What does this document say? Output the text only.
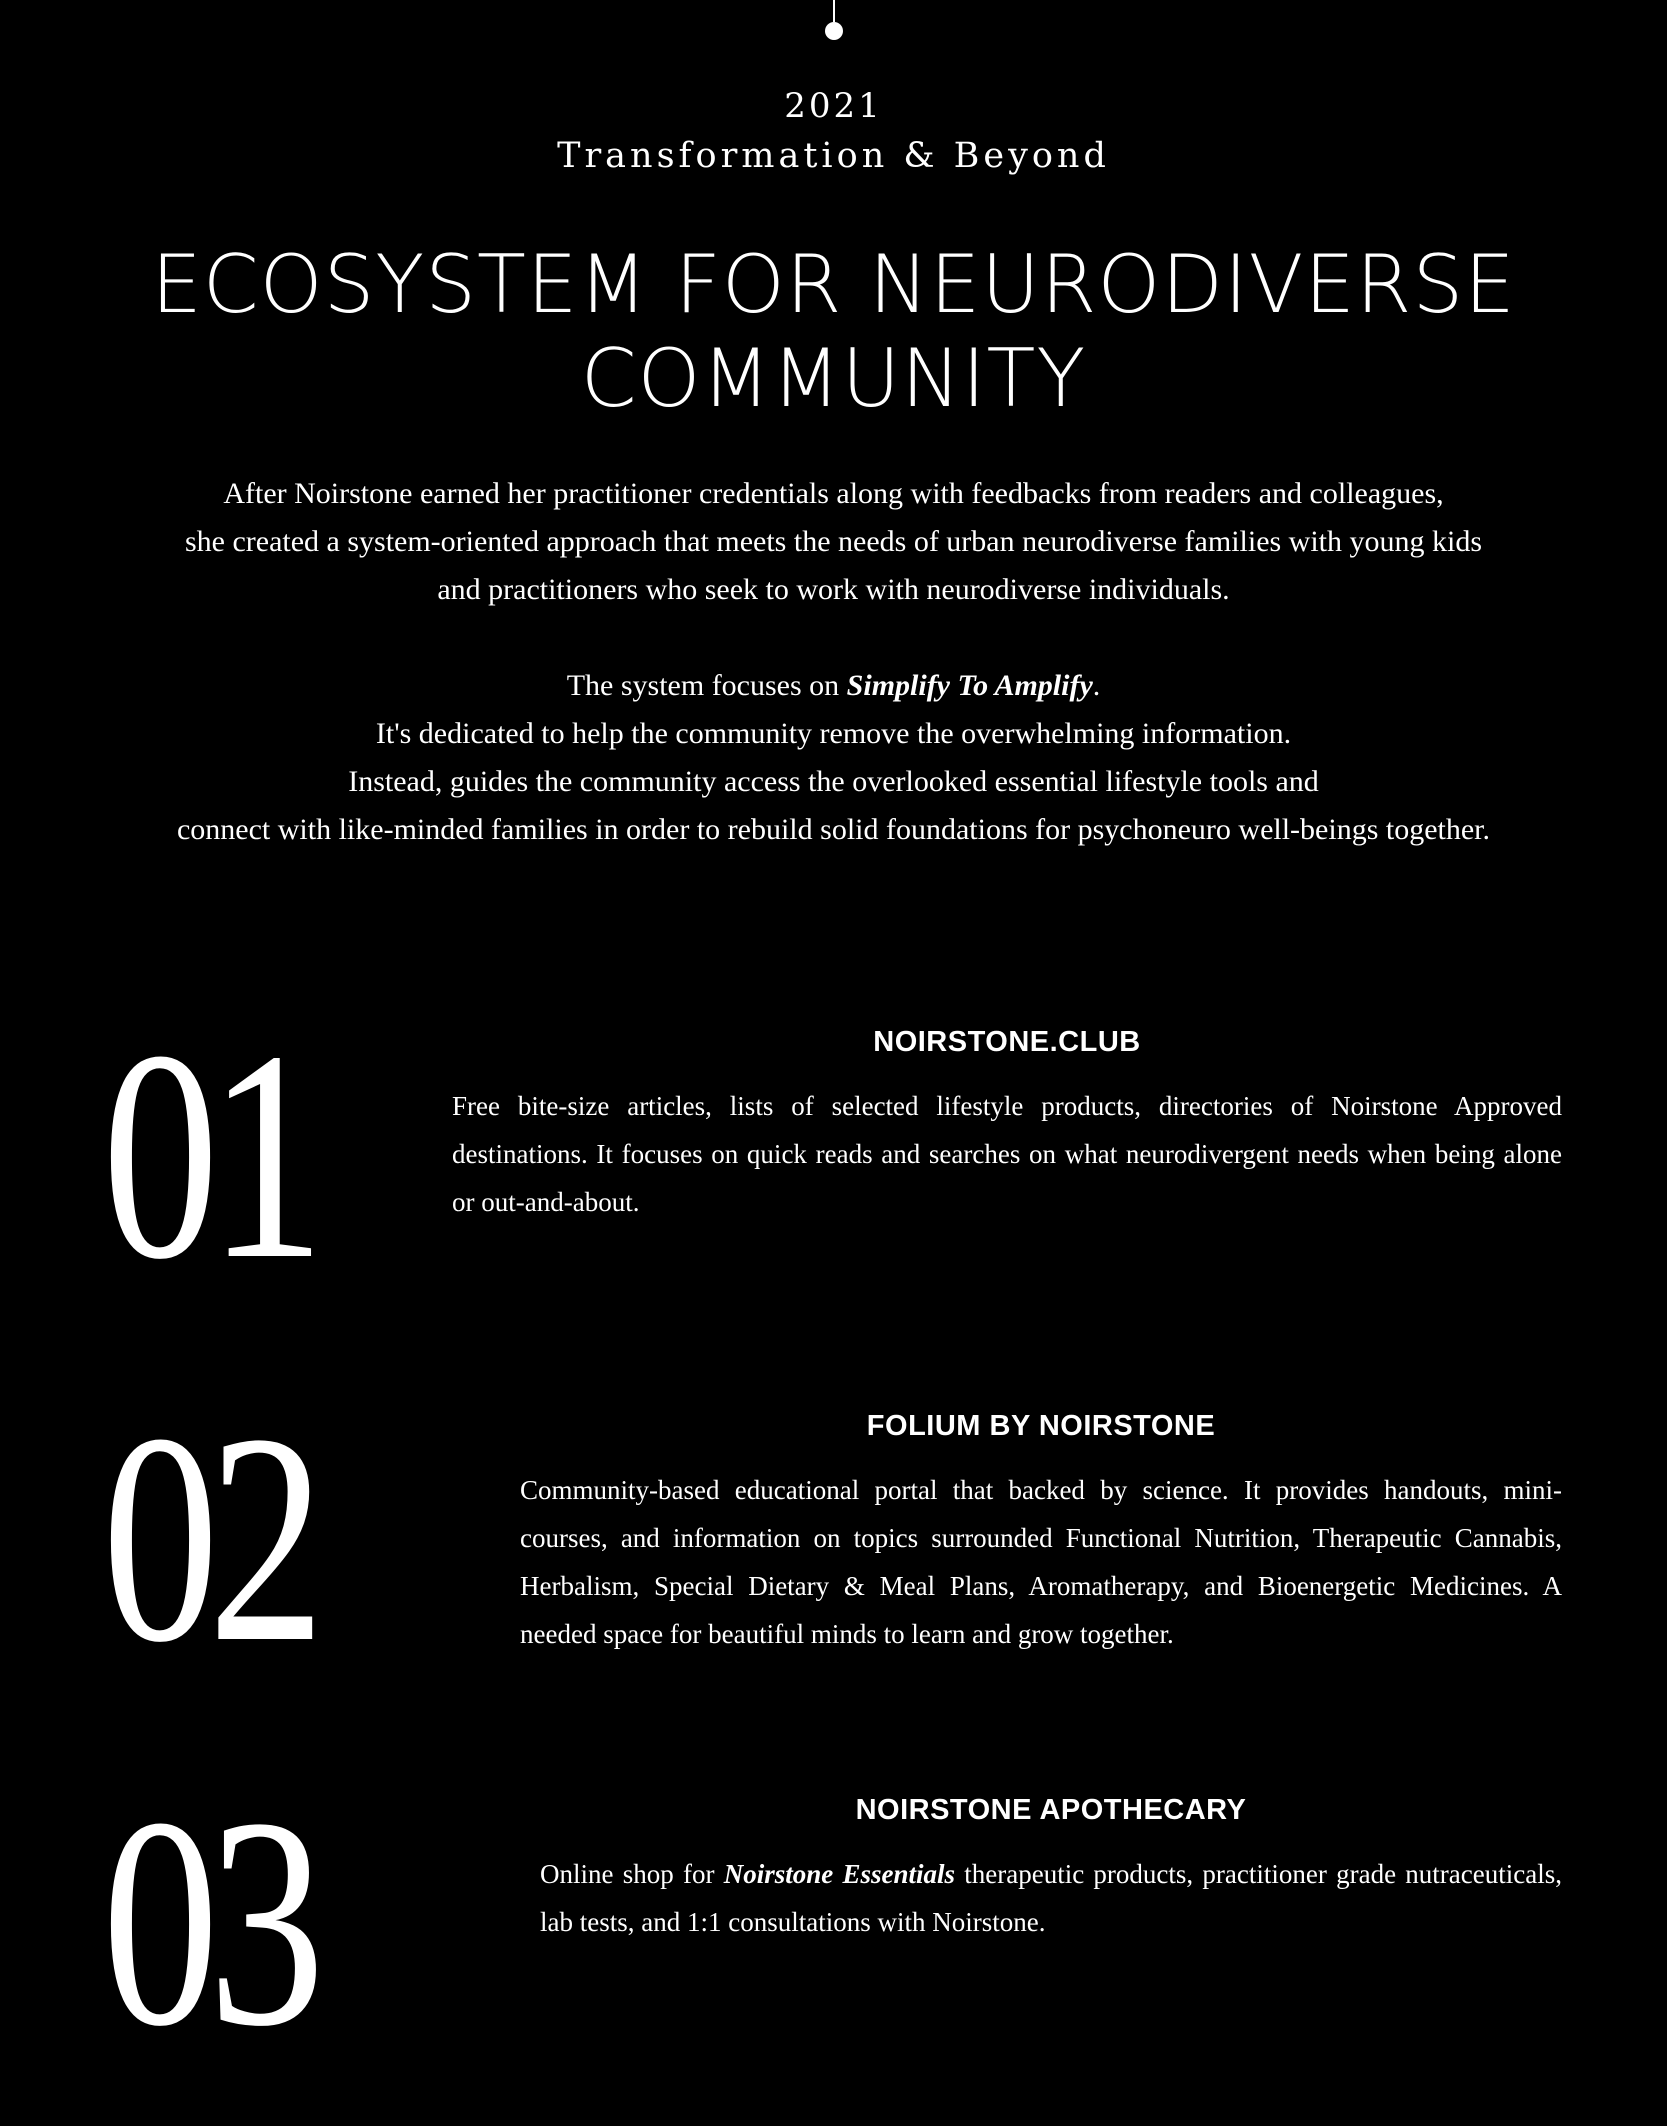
2021
Transformation & Beyond
ECOSYSTEM FOR NEURODIVERSE
COMMUNITY

After Noirstone earned her practitioner credentials along with feedbacks from readers and colleagues,

she created a system-oriented approach that meets the needs of urban neurodiverse families with young kids

and practitioners who seek to work with neurodiverse individuals.

The system focuses on Simplify To Amplify.

It's dedicated to help the community remove the overwhelming information.

Instead, guides the community access the overlooked essential lifestyle tools and

connect with like-minded families in order to rebuild solid foundations for psychoneuro well-beings together.

01	NOIRSTONE.CLUB
Free bite-size articles, lists of selected lifestyle products, directories of Noirstone Approved destinations. It focuses on quick reads and searches on what neurodivergent needs when being alone or out-and-about.
02	FOLIUM BY NOIRSTONE
Community-based educational portal that backed by science. It provides handouts, mini-courses, and information on topics surrounded Functional Nutrition, Therapeutic Cannabis, Herbalism, Special Dietary & Meal Plans, Aromatherapy, and Bioenergetic Medicines. A needed space for beautiful minds to learn and grow together.
03	NOIRSTONE APOTHECARY
Online shop for Noirstone Essentials therapeutic products, practitioner grade nutraceuticals, lab tests, and 1:1 consultations with Noirstone.
